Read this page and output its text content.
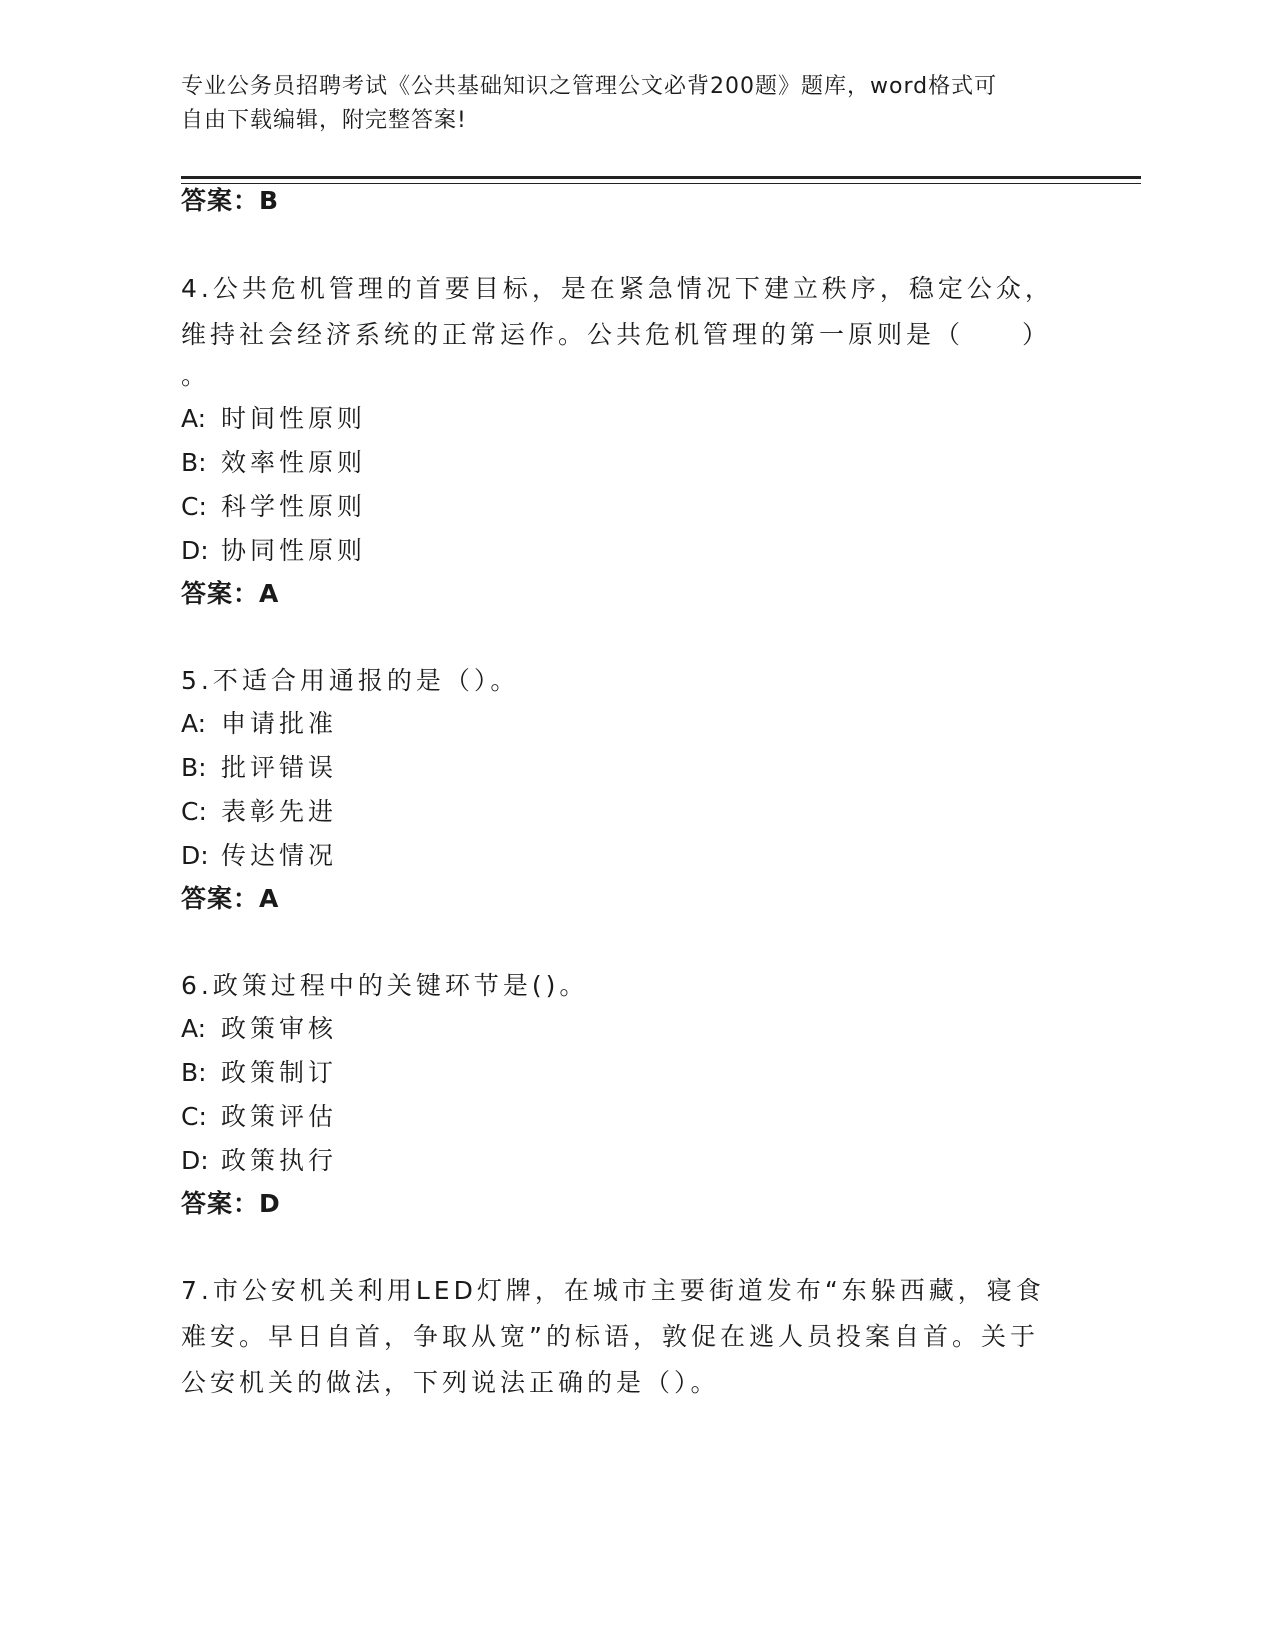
专业公务员招聘考试《公共基础知识之管理公文必背200题》题库，word格式可
自由下载编辑，附完整答案!
答案：B
4.公共危机管理的首要目标，是在紧急情况下建立秩序，稳定公众，
维持社会经济系统的正常运作。公共危机管理的第一原则是（　　）
。
A: 时间性原则
B: 效率性原则
C: 科学性原则
D: 协同性原则
答案：A
5.不适合用通报的是（）。
A: 申请批准
B: 批评错误
C: 表彰先进
D: 传达情况
答案：A
6.政策过程中的关键环节是()。
A: 政策审核
B: 政策制订
C: 政策评估
D: 政策执行
答案：D
7.市公安机关利用LED灯牌，在城市主要街道发布“东躲西藏，寝食
难安。早日自首，争取从宽”的标语，敦促在逃人员投案自首。关于
公安机关的做法，下列说法正确的是（）。
